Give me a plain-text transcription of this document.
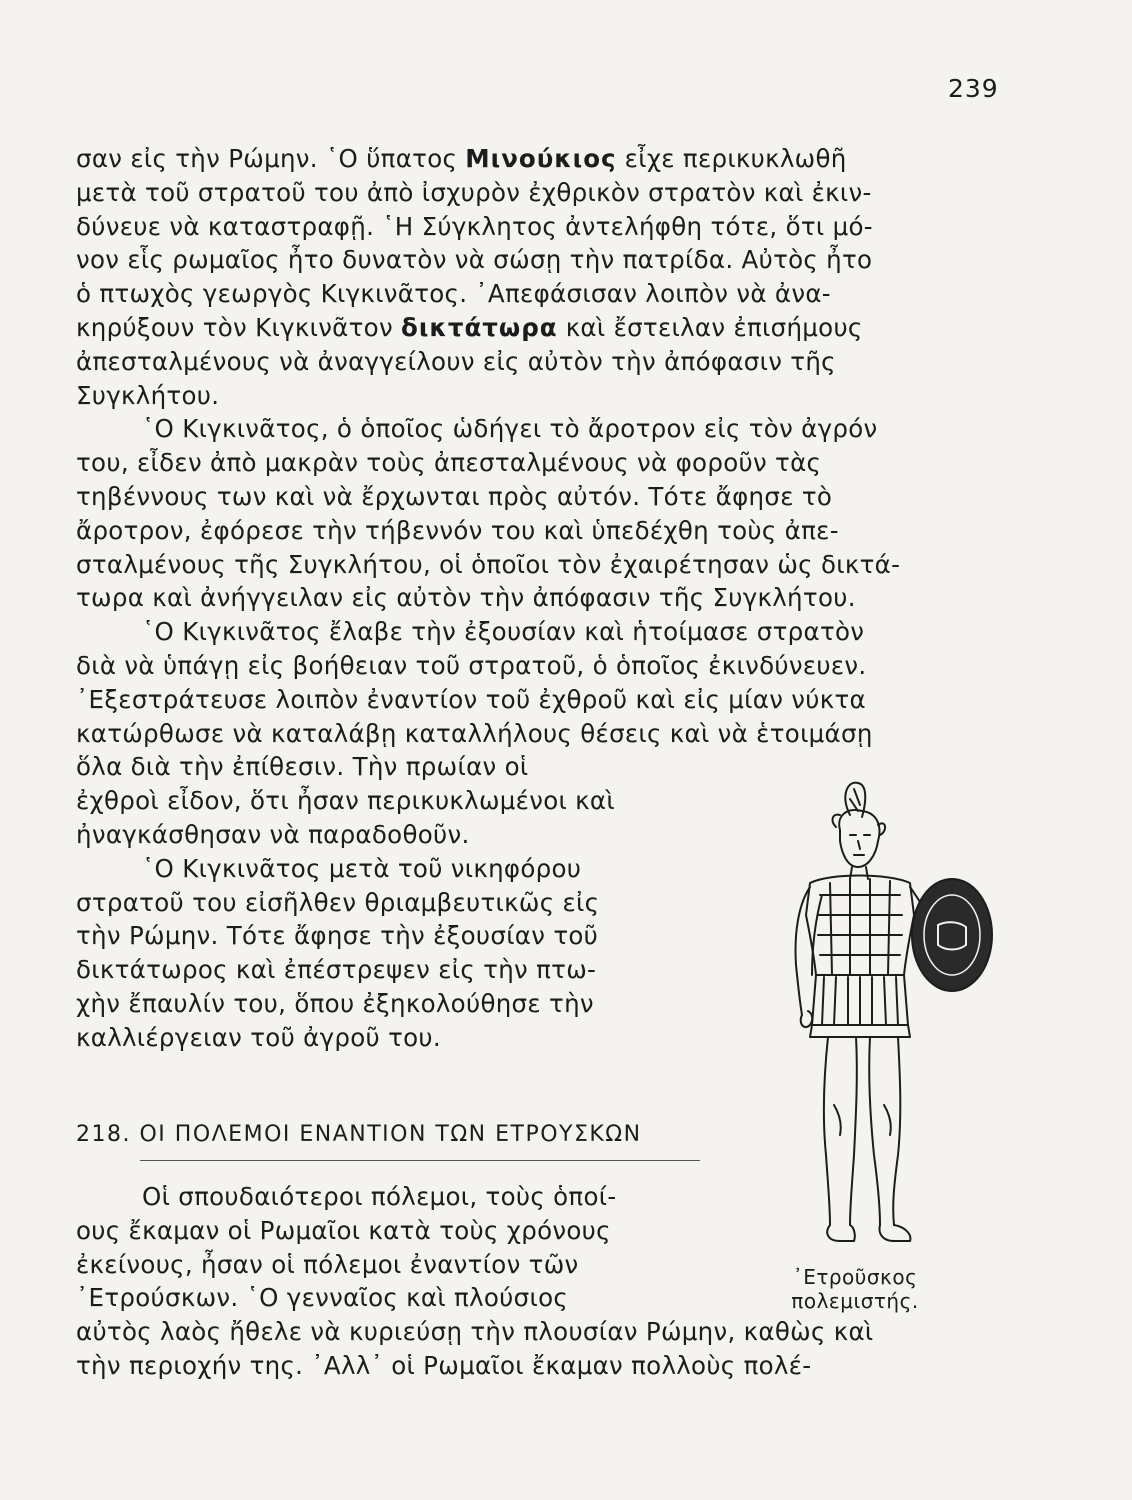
239
σαν εἰς τὴν Ρώμην. ῾Ο ὕπατος Μινούκιος εἶχε περικυκλωθῆ
μετὰ τοῦ στρατοῦ του ἀπὸ ἰσχυρὸν ἐχθρικὸν στρατὸν καὶ ἐκιν-
δύνευε νὰ καταστραφῇ. ῾Η Σύγκλητος ἀντελήφθη τότε, ὅτι μό-
νον εἷς ρωμαῖος ἦτο δυνατὸν νὰ σώσῃ τὴν πατρίδα. Αὐτὸς ἦτο
ὁ πτωχὸς γεωργὸς Κιγκινᾶτος. ᾿Απεφάσισαν λοιπὸν νὰ ἀνα-
κηρύξουν τὸν Κιγκινᾶτον δικτάτωρα καὶ ἔστειλαν ἐπισήμους
ἀπεσταλμένους νὰ ἀναγγείλουν εἰς αὐτὸν τὴν ἀπόφασιν τῆς
Συγκλήτου.
῾Ο Κιγκινᾶτος, ὁ ὁποῖος ὡδήγει τὸ ἄροτρον εἰς τὸν ἀγρόν
του, εἶδεν ἀπὸ μακρὰν τοὺς ἀπεσταλμένους νὰ φοροῦν τὰς
τηβέννους των καὶ νὰ ἔρχωνται πρὸς αὐτόν. Τότε ἄφησε τὸ
ἄροτρον, ἐφόρεσε τὴν τήβεννόν του καὶ ὑπεδέχθη τοὺς ἀπε-
σταλμένους τῆς Συγκλήτου, οἱ ὁποῖοι τὸν ἐχαιρέτησαν ὡς δικτά-
τωρα καὶ ἀνήγγειλαν εἰς αὐτὸν τὴν ἀπόφασιν τῆς Συγκλήτου.
῾Ο Κιγκινᾶτος ἔλαβε τὴν ἐξουσίαν καὶ ἡτοίμασε στρατὸν
διὰ νὰ ὑπάγῃ εἰς βοήθειαν τοῦ στρατοῦ, ὁ ὁποῖος ἐκινδύνευεν.
᾿Εξεστράτευσε λοιπὸν ἐναντίον τοῦ ἐχθροῦ καὶ εἰς μίαν νύκτα
κατώρθωσε νὰ καταλάβῃ καταλλήλους θέσεις καὶ νὰ ἑτοιμάσῃ
ὅλα διὰ τὴν ἐπίθεσιν. Τὴν πρωίαν οἱ
ἐχθροὶ εἶδον, ὅτι ἦσαν περικυκλωμένοι καὶ
ἠναγκάσθησαν νὰ παραδοθοῦν.
῾Ο Κιγκινᾶτος μετὰ τοῦ νικηφόρου
στρατοῦ του εἰσῆλθεν θριαμβευτικῶς εἰς
τὴν Ρώμην. Τότε ἄφησε τὴν ἐξουσίαν τοῦ
δικτάτωρος καὶ ἐπέστρεψεν εἰς τὴν πτω-
χὴν ἔπαυλίν του, ὅπου ἐξηκολούθησε τὴν
καλλιέργειαν τοῦ ἀγροῦ του.
218. ΟΙ ΠΟΛΕΜΟΙ ΕΝΑΝΤΙΟΝ ΤΩΝ ΕΤΡΟΥΣΚΩΝ
Οἱ σπουδαιότεροι πόλεμοι, τοὺς ὁποί-
ους ἔκαμαν οἱ Ρωμαῖοι κατὰ τοὺς χρόνους
ἐκείνους, ἦσαν οἱ πόλεμοι ἐναντίον τῶν
᾿Ετρούσκων. ῾Ο γενναῖος καὶ πλούσιος
αὐτὸς λαὸς ἤθελε νὰ κυριεύσῃ τὴν πλουσίαν Ρώμην, καθὼς καὶ
τὴν περιοχήν της. ᾿Αλλ᾿ οἱ Ρωμαῖοι ἔκαμαν πολλοὺς πολέ-
᾿Ετροῦσκος
πολεμιστής.
